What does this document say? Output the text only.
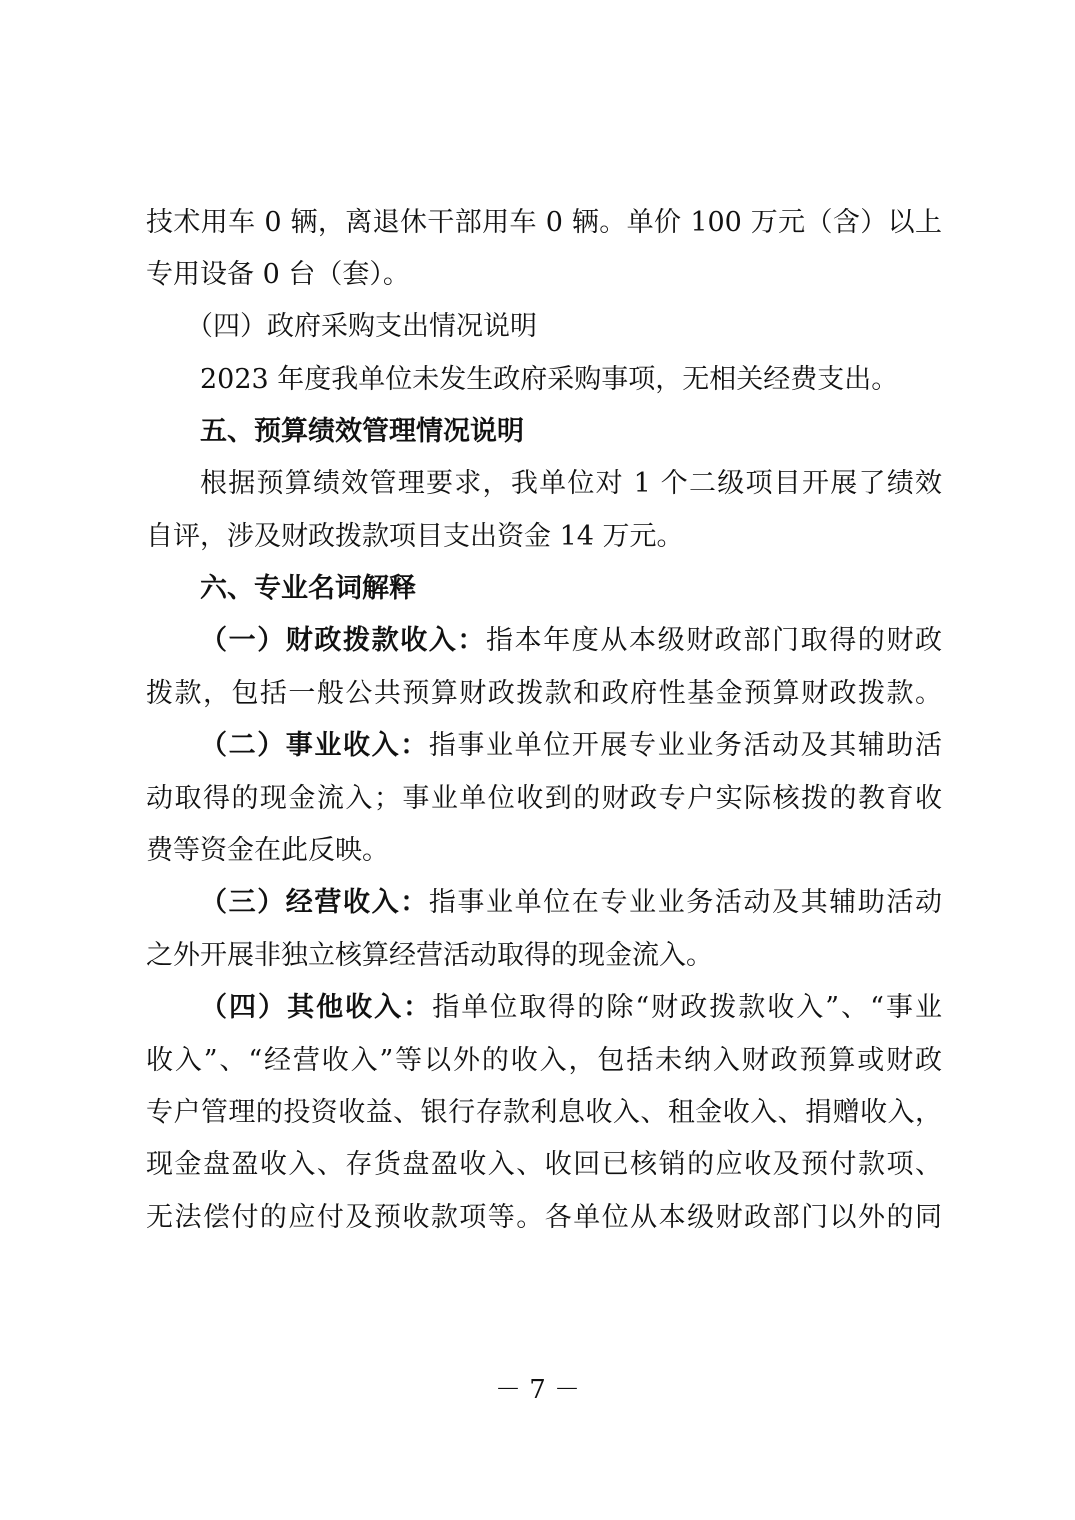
技术用车 0 辆，离退休干部用车 0 辆。单价 100 万元（含）以上
专用设备 0 台（套）。
（四）政府采购支出情况说明
2023 年度我单位未发生政府采购事项，无相关经费支出。
五、预算绩效管理情况说明
根据预算绩效管理要求，我单位对 1 个二级项目开展了绩效
自评，涉及财政拨款项目支出资金 14 万元。
六、专业名词解释
（一）财政拨款收入：指本年度从本级财政部门取得的财政
拨款，包括一般公共预算财政拨款和政府性基金预算财政拨款。
（二）事业收入：指事业单位开展专业业务活动及其辅助活
动取得的现金流入；事业单位收到的财政专户实际核拨的教育收
费等资金在此反映。
（三）经营收入：指事业单位在专业业务活动及其辅助活动
之外开展非独立核算经营活动取得的现金流入。
（四）其他收入：指单位取得的除“财政拨款收入”、“事业
收入”、“经营收入”等以外的收入，包括未纳入财政预算或财政
专户管理的投资收益、银行存款利息收入、租金收入、捐赠收入，
现金盘盈收入、存货盘盈收入、收回已核销的应收及预付款项、
无法偿付的应付及预收款项等。各单位从本级财政部门以外的同
－ 7 －
